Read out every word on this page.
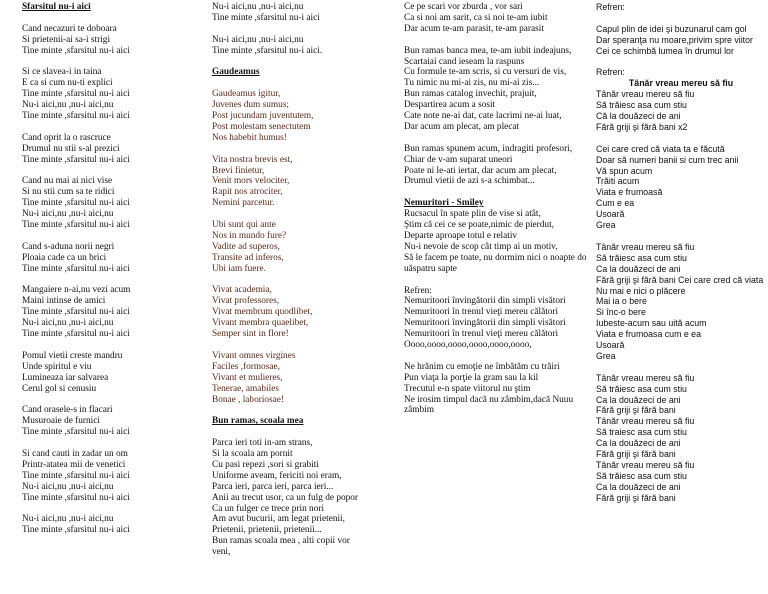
Sfarsitul nu-i aici
Cand necazuri te doboara
Si prietenii-ai sa-i strigi
Tine minte ,sfarsitul nu-i aici
Si ce slavea-i in taina
E ca si cum nu-ti explici
Tine minte ,sfarsitul nu-i aici
Nu-i aici,nu ,nu-i aici,nu
Tine minte ,sfarsitul nu-i aici
Cand oprit la o rascruce
Drumul nu stii s-al prezici
Tine minte ,sfarsitul nu-i aici
Cand nu mai ai nici vise
Si nu stii cum sa te ridici
Tine minte ,sfarsitul nu-i aici
Nu-i aici,nu ,nu-i aici,nu
Tine minte ,sfarsitul nu-i aici
Cand s-aduna norii negri
Ploaia cade ca un brici
Tine minte ,sfarsitul nu-i aici
Mangaiere n-ai,nu vezi acum
Maini intinse de amici
Tine minte ,sfarsitul nu-i aici
Nu-i aici,nu ,nu-i aici,nu
Tine minte ,sfarsitul nu-i aici
Pomul vietii creste mandru
Unde spiritul e viu
Lumineaza iar salvarea
Cerul gol si cenusiu
Cand orasele-s in flacari
Musuroaie de furnici
Tine minte ,sfarsitul nu-i aici
Si cand cauti in zadar un om
Printr-atatea mii de venetici
Tine minte ,sfarsitul nu-i aici
Nu-i aici,nu ,nu-i aici,nu
Tine minte ,sfarsitul nu-i aici
Nu-i aici,nu ,nu-i aici,nu
Tine minte ,sfarsitul nu-i aici
Nu-i aici,nu ,nu-i aici,nu
Tine minte ,sfarsitul nu-i aici
Nu-i aici,nu ,nu-i aici,nu
Tine minte ,sfarsitul nu-i aici.
Gaudeamus
Gaudeamus igitur,
Juvenes dum sumus;
Post jucundam juventutem,
Post molestam senectutem
Nos habebit humus!
Vita nostra brevis est,
Brevi finietur,
Venit mors velociter,
Rapit nos atrociter,
Nemini parcetur.
Ubi sunt qui ante
Nos in mundo fure?
Vadite ad superos,
Transite ad inferos,
Ubi iam fuere.
Vivat academia,
Vivat professores,
Vivat membrum quodlibet,
Vivant membra quaelibet,
Semper sint in flore!
Vivant omnes virgines
Faciles ,formosae,
Vivant et mulieres,
Tenerae, amabiles
Bonae , laboriosae!
Bun ramas, scoala mea
Parca ieri toti in-am strans,
Si la scoala am pornit
Cu pasi repezi ,sori si grabiti
Uniforme aveam, fericiti noi eram,
Parca ieri, parca ieri, parca ieri...
Anii au trecut usor, ca un fulg de popor
Ca un fulger ce trece prin nori
Am avut bucurii, am legat prietenii,
Prietenii, prietenii, prietenii...
Bun ramas scoala mea , alti copii vor
veni,
Ce pe scari vor zburda , vor sari
Ca si noi am sarit, ca si noi te-am iubit
Dar acum te-am parasit, te-am parasit
Bun ramas banca mea, te-am iubit indeajuns,
Scartaiai cand ieseam la raspuns
Cu formule te-am scris, si cu versuri de vis,
Tu nimic nu mi-ai zis, nu mi-ai zis...
Bun ramas catalog invechit, prajuit,
Despartirea acum a sosit
Cate note ne-ai dat, cate lacrimi ne-ai luat,
Dar acum am plecat, am plecat
Bun ramas spunem acum, indragiti profesori,
Chiar de v-am suparat uneori
Poate ni le-ati iertat, dar acum am plecat,
Drumul vietii de azi s-a schimbat...
Nemuritori - Smiley
Rucsacul în spate plin de vise si atât,
Ştim că cei ce se poate,nimic de pierdut,
Departe aproape totul e relativ
Nu-i nevoie de scop cât timp ai un motiv,
Să le facem pe toate, nu dormim nici o noapte do uăspatru sapte
Refren:
Nemuritoori învingătorii din simpli visători
Nemuritoori în trenul vieţi mereu călători
Nemuritoori învingătorii din simpli visători
Nemuritoori în trenul vieţi mereu călători
Oooo,oooo,oooo,oooo,oooo,oooo,
Ne hrănim cu emoţie ne îmbătăm cu trăiri
Pun viaţa la porţie la gram sau la kil
Trecutul e-n spate viitorul nu ştim
Ne irosim timpul dacă nu zâmbim,dacă Nuuu zâmbim
Refren:
Capul plin de idei şi buzunarul cam gol
Dar speranţa nu moare,privim spre viitor
Cei ce schimbă lumea în drumul lor
Refren:
Tânăr vreau mereu să fiu
Tânăr vreau mereu să fiu
Să trăiesc asa cum stiu
Că la douăzeci de ani
Fără griji şi fără bani x2
Cei care cred că viata ta e făcută
Doar să numeri banii si cum trec anii
Vă spun acum
Trăiti acum
Viata e frumoasă
Cum e ea
Usoară
Grea
Tânăr vreau mereu să fiu
Să trăiesc asa cum stiu
Ca la douăzeci de ani
Fără griji şi fără bani Cei care cred că viata
Nu mai e nici o plăcere
Mai ia o bere
Si înc-o bere
Iubeste-acum sau uită acum
Viata e frumoasa cum e ea
Usoară
Grea
Tânăr vreau mereu să fiu
Să trăiesc asa cum stiu
Ca la douăzeci de ani
Fără griji şi fără bani
Tânăr vreau mereu să fiu
Să traiesc asa cum stiu
Ca la douăzeci de ani
Fără griji şi fără bani
Tânăr vreau mereu să fiu
Să trăiesc asa cum stiu
Ca la douăzeci de ani
Fără griji şi fără bani
